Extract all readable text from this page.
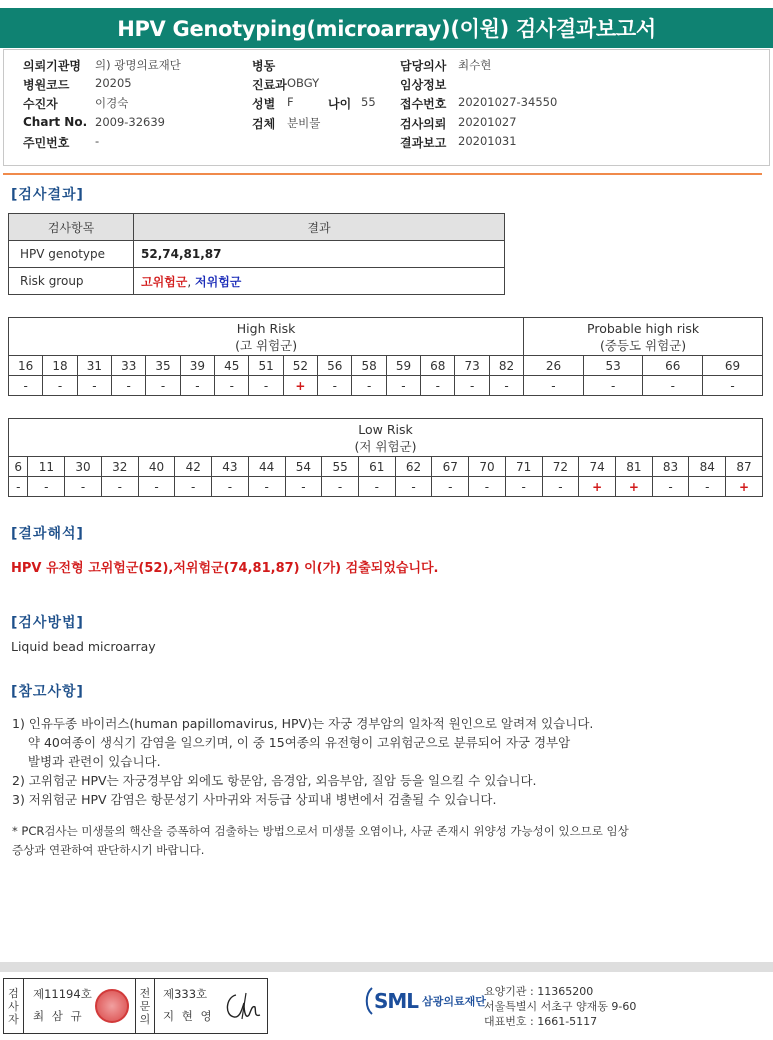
HPV Genotyping(microarray)(이원) 검사결과보고서
의뢰기관명 의) 광명의료재단
병원코드 20205
수진자	이경숙
Chart No. 2009-32639
주민번호 -
병동
진료과 OBGY
성별 F
검체 분비물
나이 55
담당의사 최수현
임상정보
접수번호 20201027-34550
검사의뢰 20201027
결과보고 20201031
[검사결과]
검사항목	결과
HPV genotype	52,74,81,87
Risk group	고위험군, 저위험군
High Risk
(고 위험군)															Probable high risk
(중등도 위험군)			
16	18	31	33	35	39	45	51	52	56	58	59	68	73	82	26	53	66	69
-	-	-	-	-	-	-	-	+	-	-	-	-	-	-	-	-	-	-
Low Risk
(저 위험군)																				
6	11	30	32	40	42	43	44	54	55	61	62	67	70	71	72	74	81	83	84	87
-	-	-	-	-	-	-	-	-	-	-	-	-	-	-	-	+	+	-	-	+
[결과해석]
HPV 유전형 고위험군(52),저위험군(74,81,87) 이(가) 검출되었습니다.
[검사방법]
Liquid bead microarray
[참고사항]
1) 인유두종 바이러스(human papillomavirus, HPV)는 자궁 경부암의 일차적 원인으로 알려져 있습니다.
약 40여종이 생식기 감염을 일으키며, 이 중 15여종의 유전형이 고위험군으로 분류되어 자궁 경부암
발병과 관련이 있습니다.
2) 고위험군 HPV는 자궁경부암 외에도 항문암, 음경암, 외음부암, 질암 등을 일으킬 수 있습니다.
3) 저위험군 HPV 감염은 항문성기 사마귀와 저등급 상피내 병변에서 검출될 수 있습니다.
* PCR검사는 미생물의 핵산을 증폭하여 검출하는 방법으로서 미생물 오염이나, 사균 존재시 위양성 가능성이 있으므로 임상
증상과 연관하여 판단하시기 바랍니다.
검
사
자
제11194호
최 삼 규
전
문
의
제333호
지 현 영
SML 삼광의료재단
요양기관 : 11365200
서울특별시 서초구 양재동 9-60
대표번호 : 1661-5117
